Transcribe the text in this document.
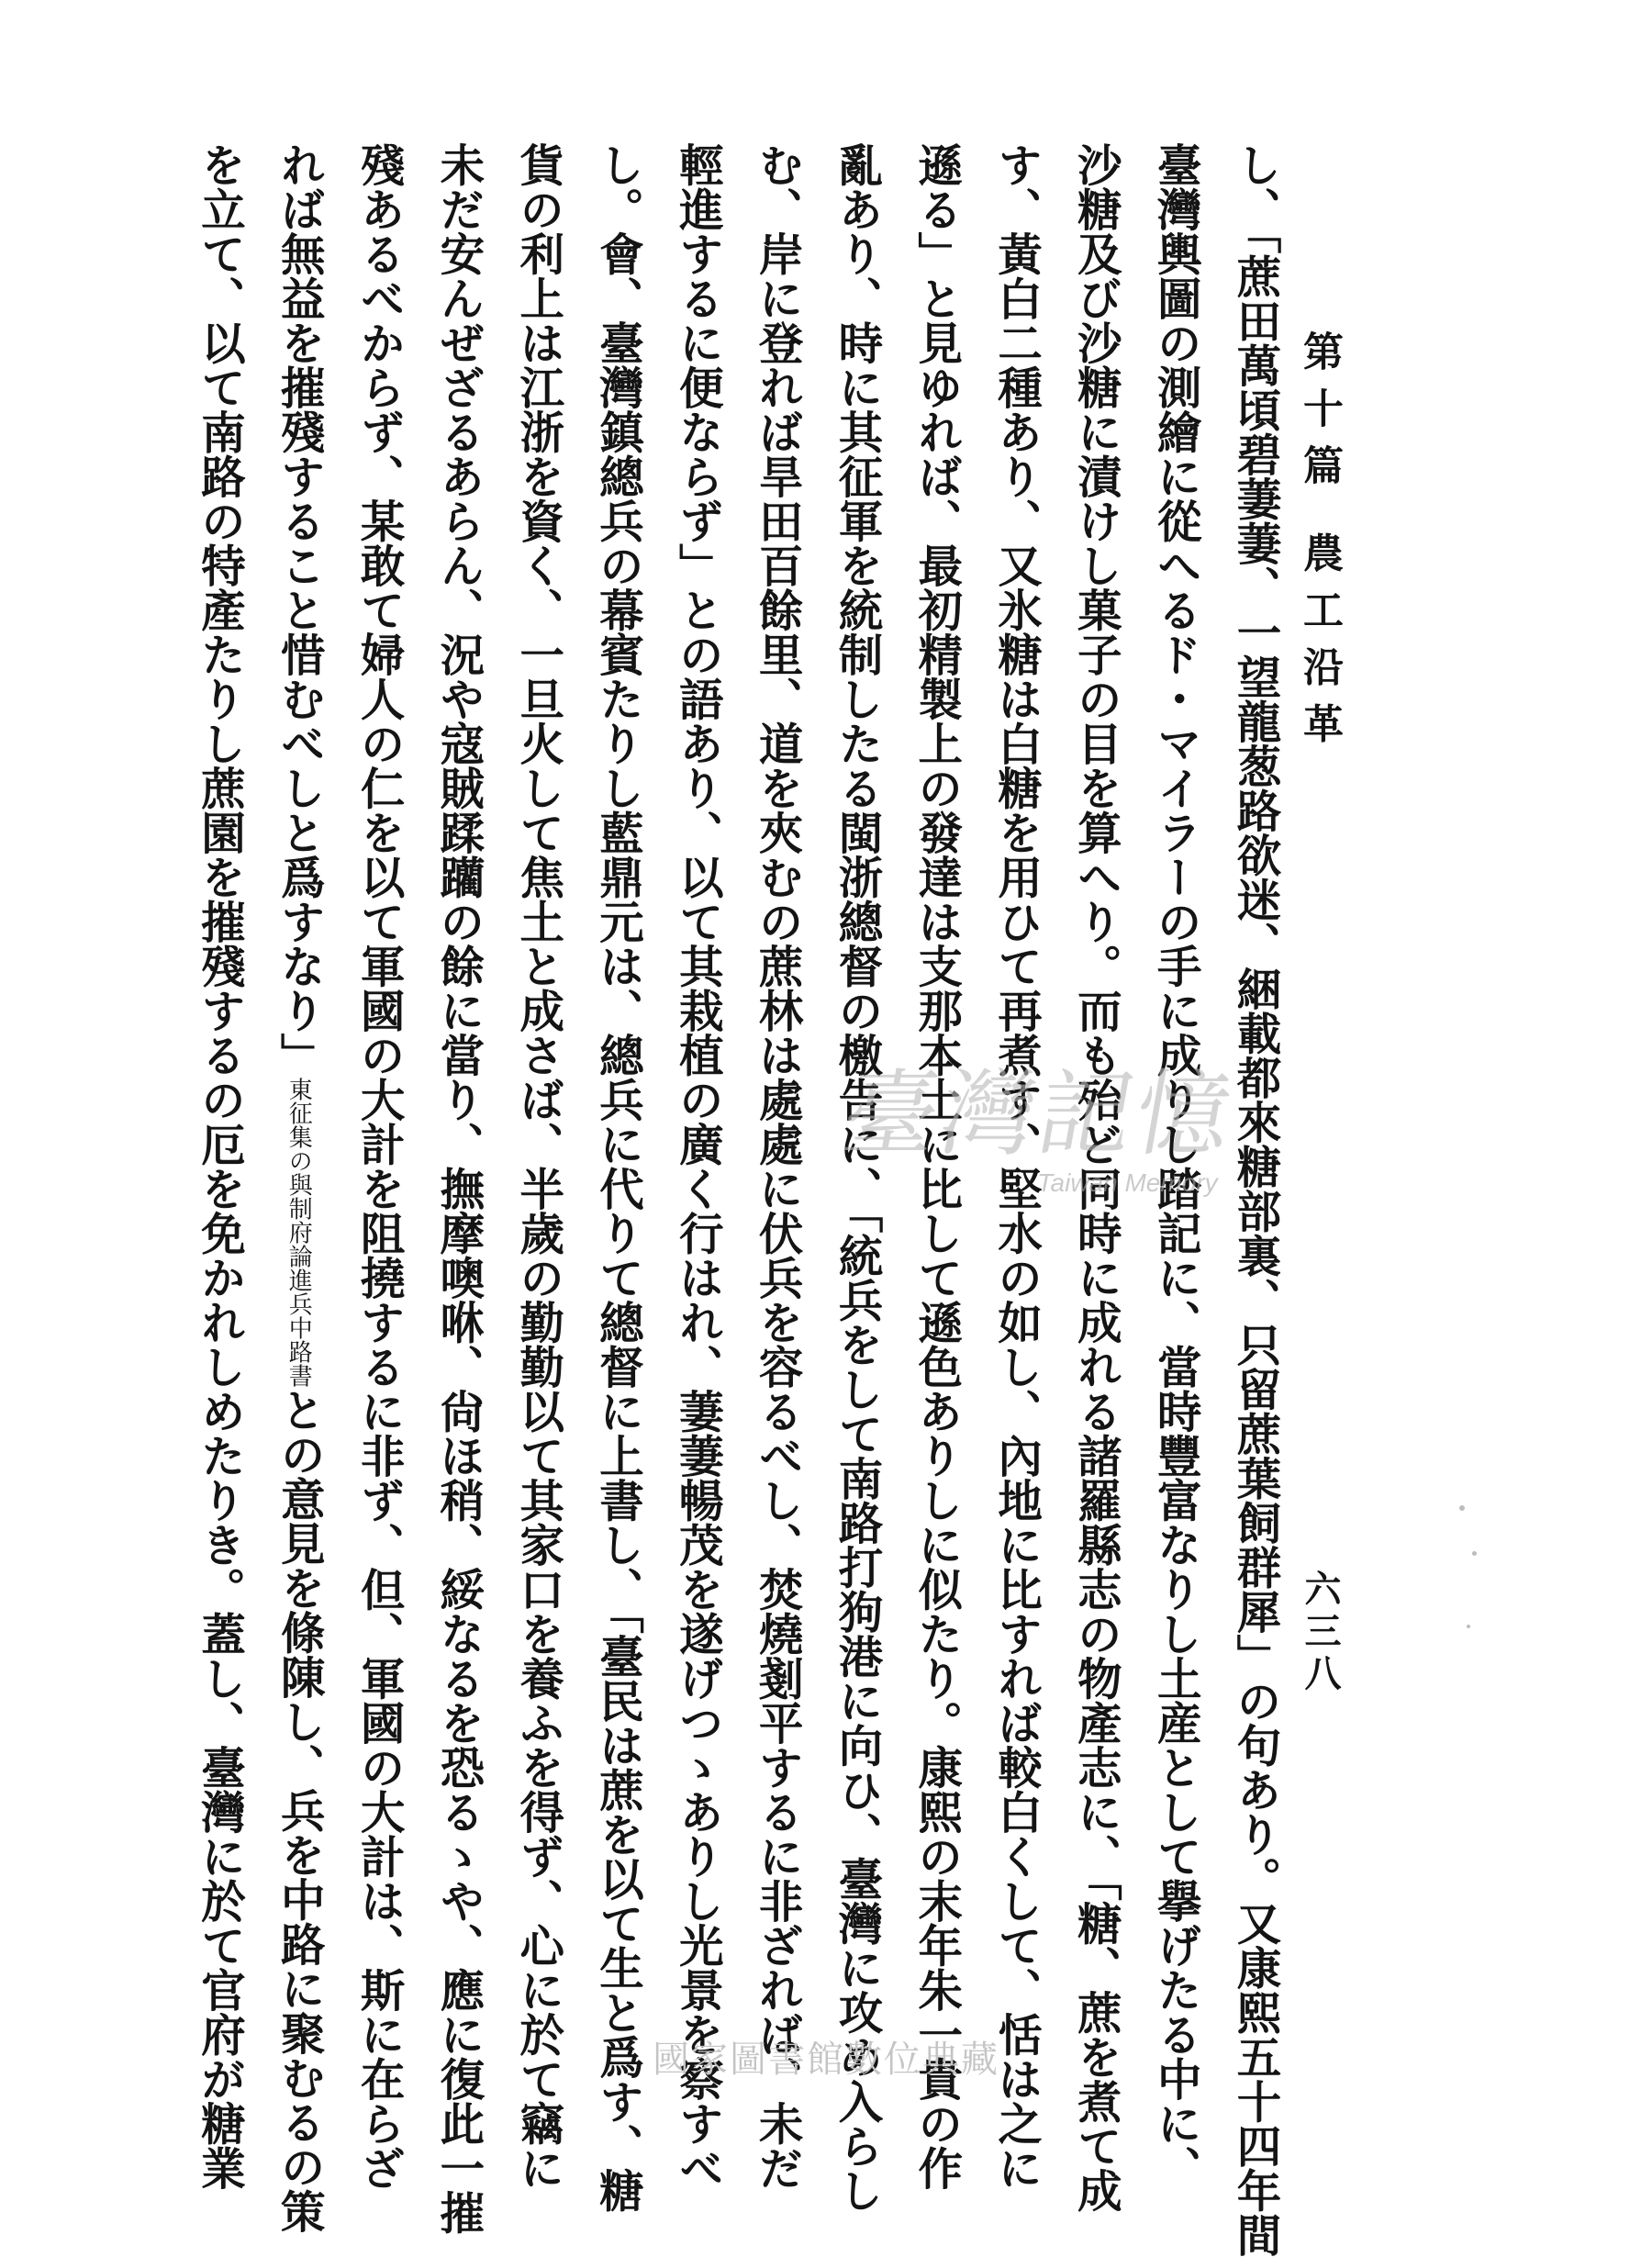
第十篇 農工沿革
六三八
し、「蔗田萬頃碧萋萋、一望龍葱路欲迷、綑載都來糖部裏、只留蔗葉飼群犀」の句あり。又康熙五十四年間
臺灣輿圖の測繪に從へるド・マイラーの手に成りし踏記に、當時豐富なりし土産として擧げたる中に、
沙糖及び沙糖に漬けし菓子の目を算へり。而も殆ど同時に成れる諸羅縣志の物產志に、「糖、蔗を煮て成
す、黃白二種あり、又氷糖は白糖を用ひて再煮す、堅水の如し、內地に比すれば較白くして、恬は之に
遜る」と見ゆれば、最初精製上の發達は支那本土に比して遜色ありしに似たり。康熙の末年朱一貴の作
亂あり、時に其征軍を統制したる閩浙總督の檄告に、「統兵をして南路打狗港に向ひ、臺灣に攻め入らし
む、岸に登れば旱田百餘里、道を夾むの蔗林は處處に伏兵を容るべし、焚燒剗平するに非ざれば、未だ
輕進するに便ならず」との語あり、以て其栽植の廣く行はれ、萋萋暢茂を遂げつゝありし光景を察すべ
し。會、臺灣鎮總兵の幕賓たりし藍鼎元は、總兵に代りて總督に上書し、「臺民は蔗を以て生と爲す、糖
貨の利上は江浙を資く、一旦火して焦土と成さば、半歲の勤勤以て其家口を養ふを得ず、心に於て竊に
未だ安んぜざるあらん、況や寇賊蹂躪の餘に當り、撫摩噢咻、尙ほ稍、綏なるを恐るゝや、應に復此一摧
殘あるべからず、某敢て婦人の仁を以て軍國の大計を阻撓するに非ず、但、軍國の大計は、斯に在らざ
れば無益を摧殘すること惜むべしと爲すなり」東征集の與制府論進兵中路書との意見を條陳し、兵を中路に聚むるの策
を立て、以て南路の特產たりし蔗園を摧殘するの厄を免かれしめたりき。蓋し、臺灣に於て官府が糖業	臺灣記憶
Taiwan Memory
國家圖書館數位典藏
